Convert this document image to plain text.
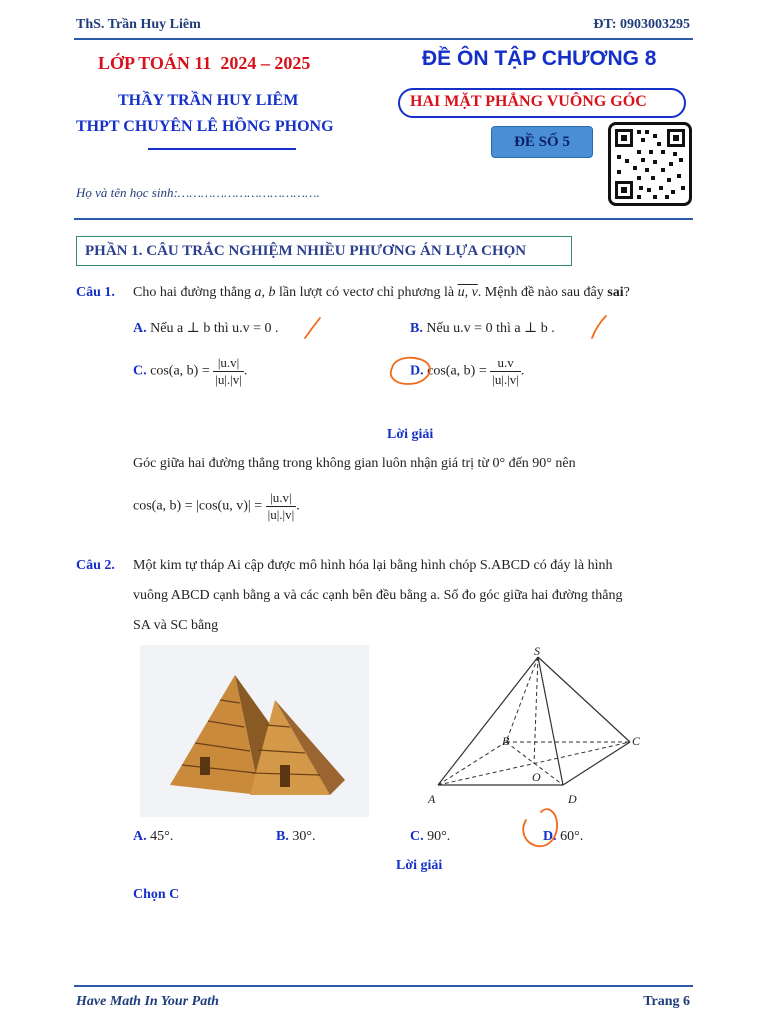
ThS. Trần Huy Liêm	ĐT: 0903003295
LỚP TOÁN 11  2024 – 2025
THẦY TRẦN HUY LIÊM
THPT CHUYÊN LÊ HỒNG PHONG
ĐỀ ÔN TẬP CHƯƠNG 8
HAI MẶT PHẲNG VUÔNG GÓC
ĐỀ SỐ 5
Họ và tên học sinh:……………………………….
PHẦN 1. CÂU TRẮC NGHIỆM NHIỀU PHƯƠNG ÁN LỰA CHỌN
Câu 1. Cho hai đường thẳng a, b lần lượt có vectơ chỉ phương là u, v. Mệnh đề nào sau đây sai?
A. Nếu a ⊥ b thì u.v = 0 .	B. Nếu u.v = 0 thì a ⊥ b .
C. cos(a, $b) = \frac{|u.v|}{|u|.|v|}$ .	D. cos(a, $b) = \frac{u.v}{|u|.|v|}$ .
Lời giải
Góc giữa hai đường thẳng trong không gian luôn nhận giá trị từ 0° đến 90° nên
cos(a, b) = |cos(u, $v)| = \frac{|u.v|}{|u|.|v|}$ .
Câu 2. Một kim tự tháp Ai cập được mô hình hóa lại bằng hình chóp S.ABCD có đáy là hình
vuông ABCD cạnh bằng a và các cạnh bên đều bằng a. Số đo góc giữa hai đường thẳng
SA và SC bằng
S
A
B	C
D
O
A. 45°.	B. 30°.	C. 90°.	D. 60°.
Lời giải
Chọn C
Have Math In Your Path	Trang 6
